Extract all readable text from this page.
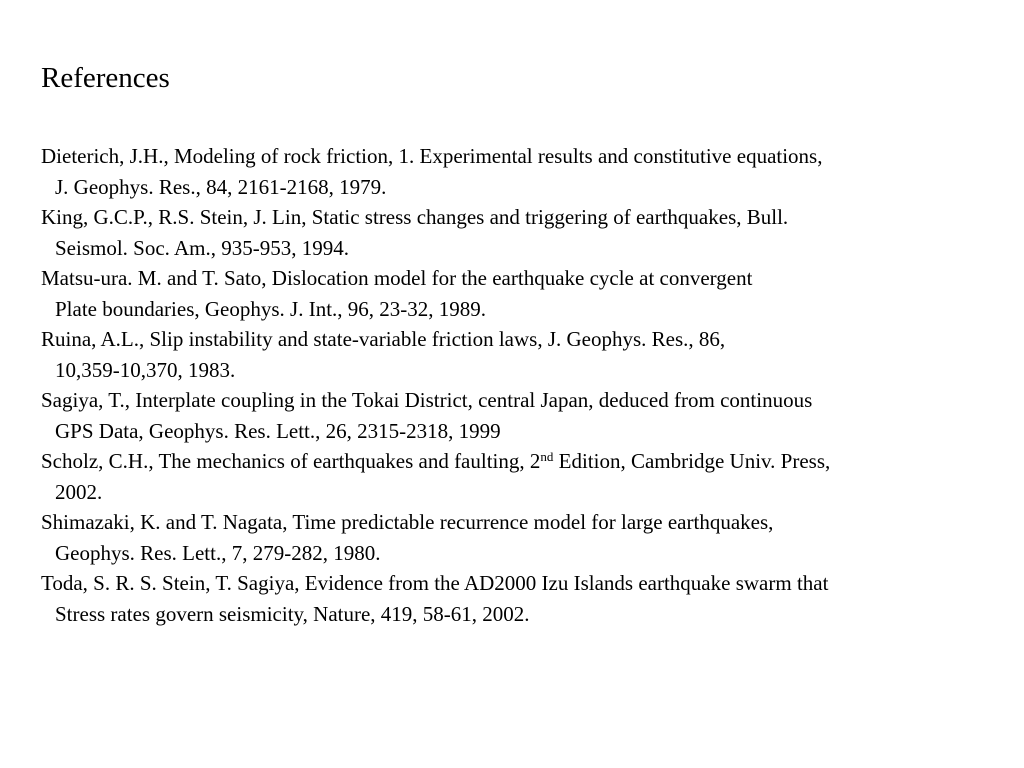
References
Dieterich, J.H., Modeling of rock friction, 1. Experimental results and constitutive equations,
J. Geophys. Res., 84, 2161-2168, 1979.
King, G.C.P., R.S. Stein, J. Lin, Static stress changes and triggering of earthquakes, Bull.
Seismol. Soc. Am., 935-953, 1994.
Matsu-ura. M. and T. Sato, Dislocation model for the earthquake cycle at convergent
Plate boundaries, Geophys. J. Int., 96, 23-32, 1989.
Ruina, A.L., Slip instability and state-variable friction laws, J. Geophys. Res., 86,
10,359-10,370, 1983.
Sagiya, T., Interplate coupling in the Tokai District, central Japan, deduced from continuous
GPS Data, Geophys. Res. Lett., 26, 2315-2318, 1999
Scholz, C.H., The mechanics of earthquakes and faulting, 2nd Edition, Cambridge Univ. Press,
2002.
Shimazaki, K. and T. Nagata, Time predictable recurrence model for large earthquakes,
Geophys. Res. Lett., 7, 279-282, 1980.
Toda, S. R. S. Stein, T. Sagiya, Evidence from the AD2000 Izu Islands earthquake swarm that
Stress rates govern seismicity, Nature, 419, 58-61, 2002.
